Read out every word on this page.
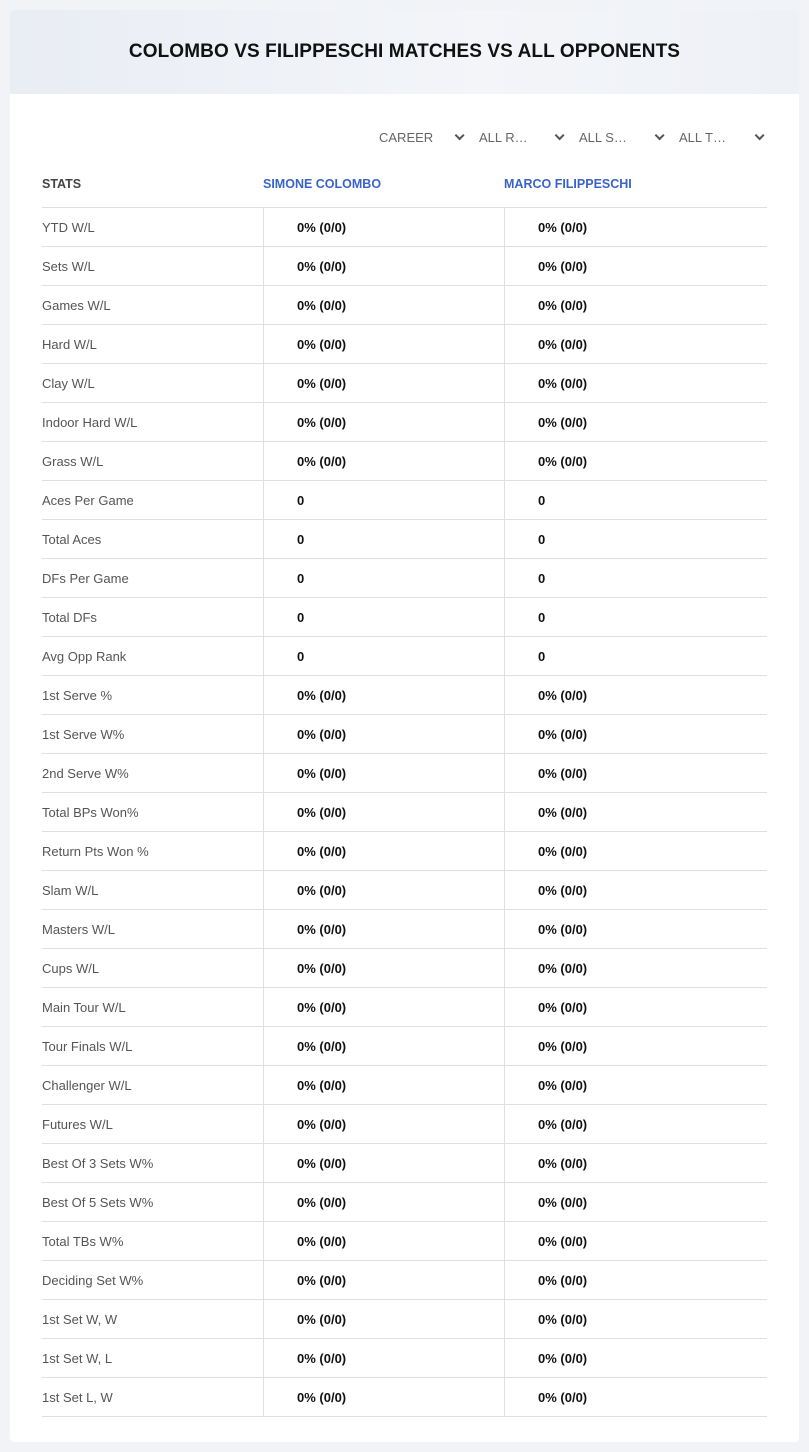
COLOMBO VS FILIPPESCHI MATCHES VS ALL OPPONENTS
CAREER	ALL R…	ALL S…	ALL T…
STATS	SIMONE COLOMBO	MARCO FILIPPESCHI
YTD W/L	0% (0/0)	0% (0/0)
Sets W/L	0% (0/0)	0% (0/0)
Games W/L	0% (0/0)	0% (0/0)
Hard W/L	0% (0/0)	0% (0/0)
Clay W/L	0% (0/0)	0% (0/0)
Indoor Hard W/L	0% (0/0)	0% (0/0)
Grass W/L	0% (0/0)	0% (0/0)
Aces Per Game	0	0
Total Aces	0	0
DFs Per Game	0	0
Total DFs	0	0
Avg Opp Rank	0	0
1st Serve %	0% (0/0)	0% (0/0)
1st Serve W%	0% (0/0)	0% (0/0)
2nd Serve W%	0% (0/0)	0% (0/0)
Total BPs Won%	0% (0/0)	0% (0/0)
Return Pts Won %	0% (0/0)	0% (0/0)
Slam W/L	0% (0/0)	0% (0/0)
Masters W/L	0% (0/0)	0% (0/0)
Cups W/L	0% (0/0)	0% (0/0)
Main Tour W/L	0% (0/0)	0% (0/0)
Tour Finals W/L	0% (0/0)	0% (0/0)
Challenger W/L	0% (0/0)	0% (0/0)
Futures W/L	0% (0/0)	0% (0/0)
Best Of 3 Sets W%	0% (0/0)	0% (0/0)
Best Of 5 Sets W%	0% (0/0)	0% (0/0)
Total TBs W%	0% (0/0)	0% (0/0)
Deciding Set W%	0% (0/0)	0% (0/0)
1st Set W, W	0% (0/0)	0% (0/0)
1st Set W, L	0% (0/0)	0% (0/0)
1st Set L, W	0% (0/0)	0% (0/0)
